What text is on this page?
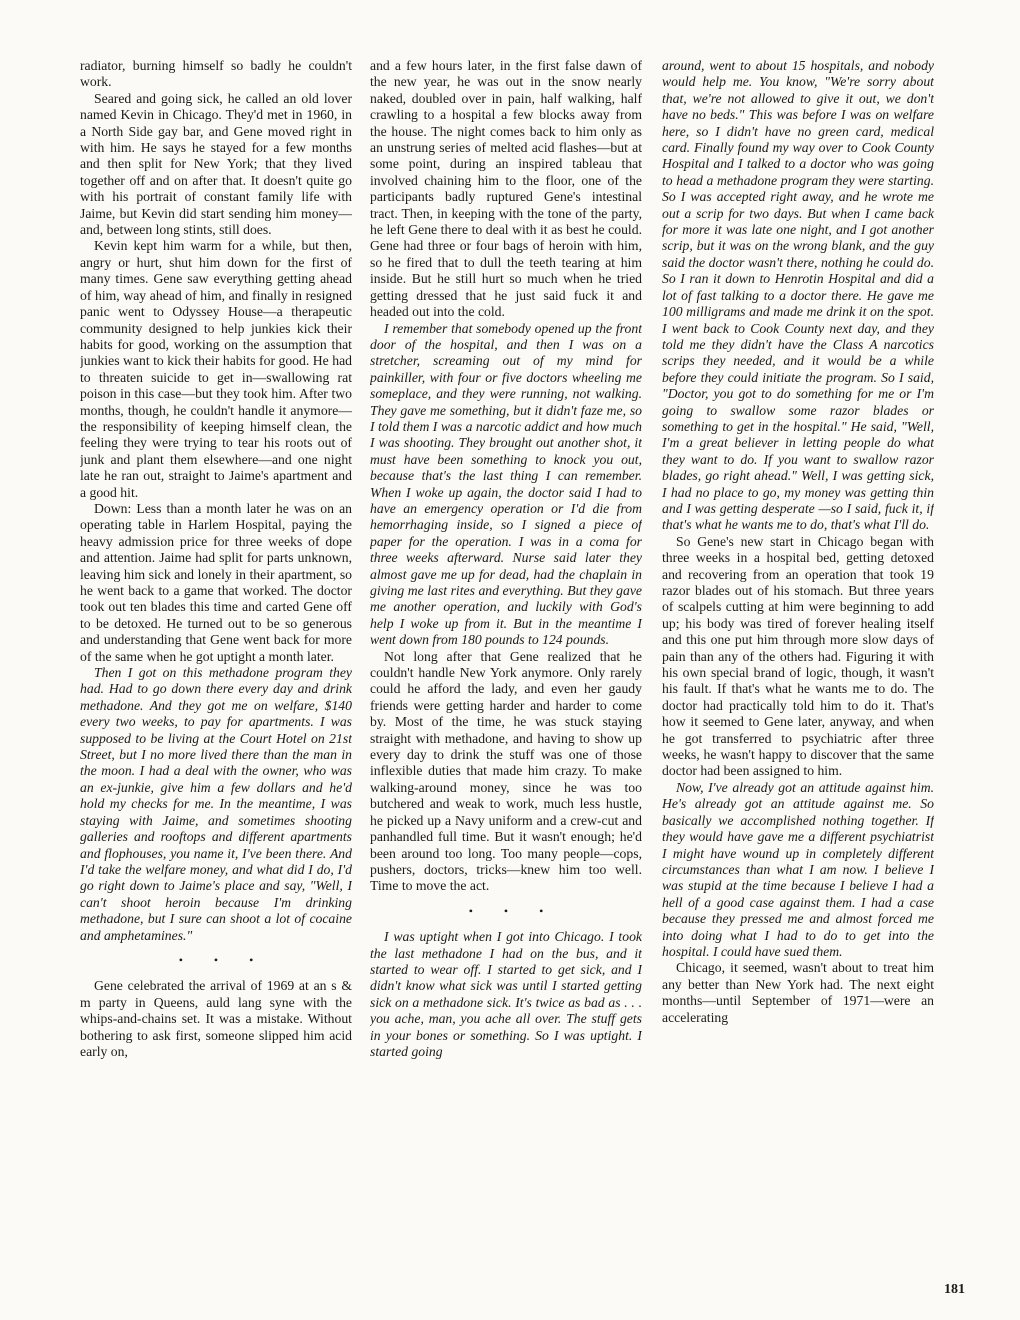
radiator, burning himself so badly he couldn't work.

Seared and going sick, he called an old lover named Kevin in Chicago. They'd met in 1960, in a North Side gay bar, and Gene moved right in with him. He says he stayed for a few months and then split for New York; that they lived together off and on after that. It doesn't quite go with his portrait of constant family life with Jaime, but Kevin did start sending him money—and, between long stints, still does.

Kevin kept him warm for a while, but then, angry or hurt, shut him down for the first of many times. Gene saw everything getting ahead of him, way ahead of him, and finally in resigned panic went to Odyssey House—a therapeutic community designed to help junkies kick their habits for good, working on the assumption that junkies want to kick their habits for good. He had to threaten suicide to get in—swallowing rat poison in this case—but they took him. After two months, though, he couldn't handle it anymore—the responsibility of keeping himself clean, the feeling they were trying to tear his roots out of junk and plant them elsewhere—and one night late he ran out, straight to Jaime's apartment and a good hit.

Down: Less than a month later he was on an operating table in Harlem Hospital, paying the heavy admission price for three weeks of dope and attention. Jaime had split for parts unknown, leaving him sick and lonely in their apartment, so he went back to a game that worked. The doctor took out ten blades this time and carted Gene off to be detoxed. He turned out to be so generous and understanding that Gene went back for more of the same when he got uptight a month later.

Then I got on this methadone program they had. Had to go down there every day and drink methadone. And they got me on welfare, $140 every two weeks, to pay for apartments. I was supposed to be living at the Court Hotel on 21st Street, but I no more lived there than the man in the moon. I had a deal with the owner, who was an ex-junkie, give him a few dollars and he'd hold my checks for me. In the meantime, I was staying with Jaime, and sometimes shooting galleries and rooftops and different apartments and flophouses, you name it, I've been there. And I'd take the welfare money, and what did I do, I'd go right down to Jaime's place and say, "Well, I can't shoot heroin because I'm drinking methadone, but I sure can shoot a lot of cocaine and amphetamines."

• • •

Gene celebrated the arrival of 1969 at an s & m party in Queens, auld lang syne with the whips-and-chains set. It was a mistake. Without bothering to ask first, someone slipped him acid early on,

and a few hours later, in the first false dawn of the new year, he was out in the snow nearly naked, doubled over in pain, half walking, half crawling to a hospital a few blocks away from the house. The night comes back to him only as an unstrung series of melted acid flashes—but at some point, during an inspired tableau that involved chaining him to the floor, one of the participants badly ruptured Gene's intestinal tract. Then, in keeping with the tone of the party, he left Gene there to deal with it as best he could. Gene had three or four bags of heroin with him, so he fired that to dull the teeth tearing at him inside. But he still hurt so much when he tried getting dressed that he just said fuck it and headed out into the cold.

I remember that somebody opened up the front door of the hospital, and then I was on a stretcher, screaming out of my mind for painkiller, with four or five doctors wheeling me someplace, and they were running, not walking. They gave me something, but it didn't faze me, so I told them I was a narcotic addict and how much I was shooting. They brought out another shot, it must have been something to knock you out, because that's the last thing I can remember. When I woke up again, the doctor said I had to have an emergency operation or I'd die from hemorrhaging inside, so I signed a piece of paper for the operation. I was in a coma for three weeks afterward. Nurse said later they almost gave me up for dead, had the chaplain in giving me last rites and everything. But they gave me another operation, and luckily with God's help I woke up from it. But in the meantime I went down from 180 pounds to 124 pounds.

Not long after that Gene realized that he couldn't handle New York anymore. Only rarely could he afford the lady, and even her gaudy friends were getting harder and harder to come by. Most of the time, he was stuck staying straight with methadone, and having to show up every day to drink the stuff was one of those inflexible duties that made him crazy. To make walking-around money, since he was too butchered and weak to work, much less hustle, he picked up a Navy uniform and a crew-cut and panhandled full time. But it wasn't enough; he'd been around too long. Too many people—cops, pushers, doctors, tricks—knew him too well. Time to move the act.

• • •

I was uptight when I got into Chicago. I took the last methadone I had on the bus, and it started to wear off. I started to get sick, and I didn't know what sick was until I started getting sick on a methadone sick. It's twice as bad as . . . you ache, man, you ache all over. The stuff gets in your bones or something. So I was uptight. I started going

around, went to about 15 hospitals, and nobody would help me. You know, "We're sorry about that, we're not allowed to give it out, we don't have no beds." This was before I was on welfare here, so I didn't have no green card, medical card. Finally found my way over to Cook County Hospital and I talked to a doctor who was going to head a methadone program they were starting. So I was accepted right away, and he wrote me out a scrip for two days. But when I came back for more it was late one night, and I got another scrip, but it was on the wrong blank, and the guy said the doctor wasn't there, nothing he could do. So I ran it down to Henrotin Hospital and did a lot of fast talking to a doctor there. He gave me 100 milligrams and made me drink it on the spot. I went back to Cook County next day, and they told me they didn't have the Class A narcotics scrips they needed, and it would be a while before they could initiate the program. So I said, "Doctor, you got to do something for me or I'm going to swallow some razor blades or something to get in the hospital." He said, "Well, I'm a great believer in letting people do what they want to do. If you want to swallow razor blades, go right ahead." Well, I was getting sick, I had no place to go, my money was getting thin and I was getting desperate —so I said, fuck it, if that's what he wants me to do, that's what I'll do.

So Gene's new start in Chicago began with three weeks in a hospital bed, getting detoxed and recovering from an operation that took 19 razor blades out of his stomach. But three years of scalpels cutting at him were beginning to add up; his body was tired of forever healing itself and this one put him through more slow days of pain than any of the others had. Figuring it with his own special brand of logic, though, it wasn't his fault. If that's what he wants me to do. The doctor had practically told him to do it. That's how it seemed to Gene later, anyway, and when he got transferred to psychiatric after three weeks, he wasn't happy to discover that the same doctor had been assigned to him.

Now, I've already got an attitude against him. He's already got an attitude against me. So basically we accomplished nothing together. If they would have gave me a different psychiatrist I might have wound up in completely different circumstances than what I am now. I believe I was stupid at the time because I believe I had a hell of a good case against them. I had a case because they pressed me and almost forced me into doing what I had to do to get into the hospital. I could have sued them.

Chicago, it seemed, wasn't about to treat him any better than New York had. The next eight months—until September of 1971—were an accelerating

181
